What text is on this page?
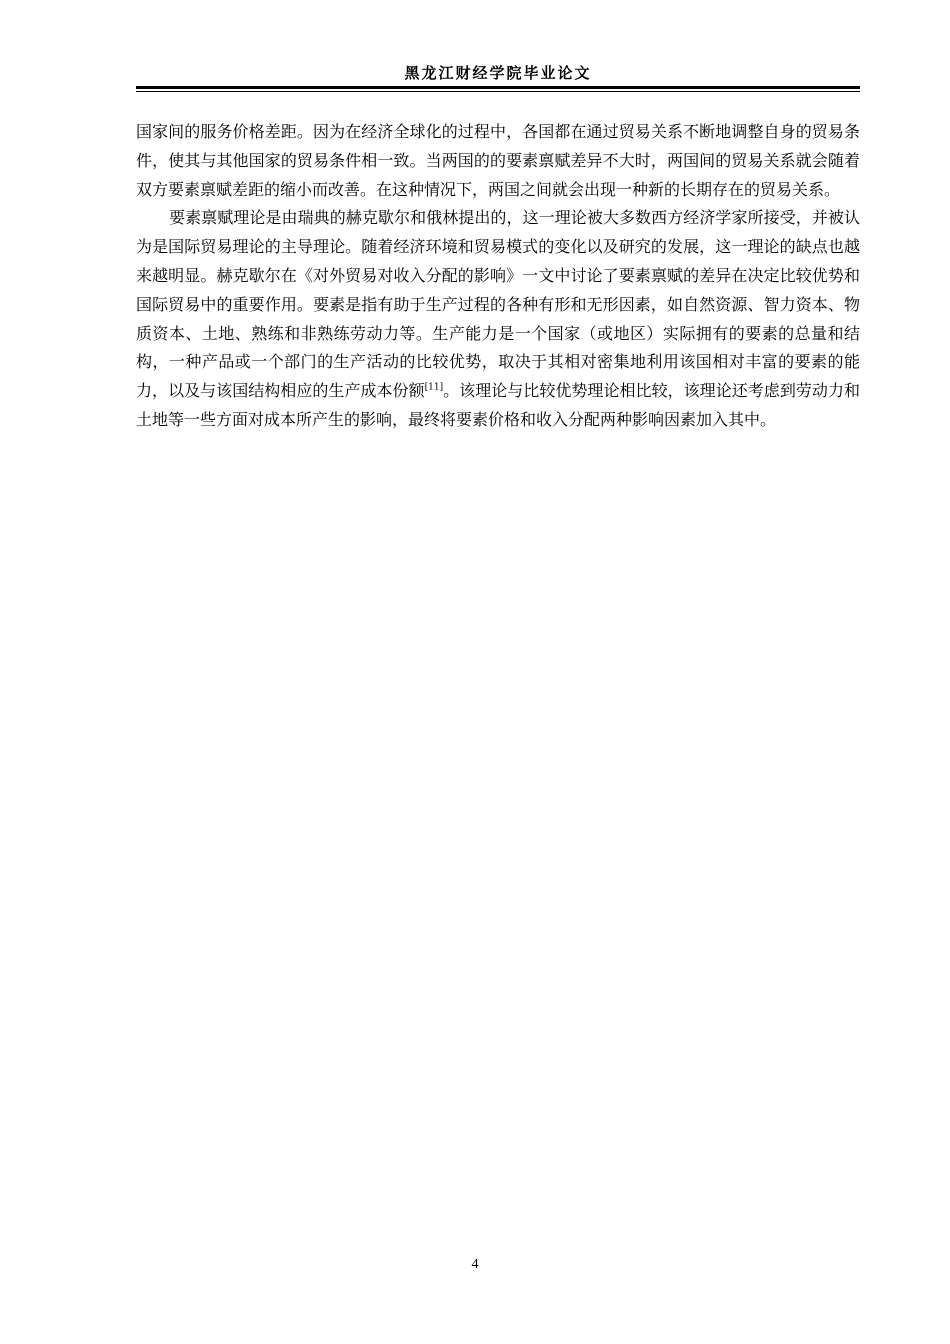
黑龙江财经学院毕业论文

国家间的服务价格差距。因为在经济全球化的过程中，各国都在通过贸易关系不断地调整自身的贸易条件，使其与其他国家的贸易条件相一致。当两国的的要素禀赋差异不大时，两国间的贸易关系就会随着双方要素禀赋差距的缩小而改善。在这种情况下，两国之间就会出现一种新的长期存在的贸易关系。

要素禀赋理论是由瑞典的赫克歇尔和俄林提出的，这一理论被大多数西方经济学家所接受，并被认为是国际贸易理论的主导理论。随着经济环境和贸易模式的变化以及研究的发展，这一理论的缺点也越来越明显。赫克歇尔在《对外贸易对收入分配的影响》一文中讨论了要素禀赋的差异在决定比较优势和国际贸易中的重要作用。要素是指有助于生产过程的各种有形和无形因素，如自然资源、智力资本、物质资本、土地、熟练和非熟练劳动力等。生产能力是一个国家（或地区）实际拥有的要素的总量和结构，一种产品或一个部门的生产活动的比较优势，取决于其相对密集地利用该国相对丰富的要素的能力，以及与该国结构相应的生产成本份额[11]。该理论与比较优势理论相比较，该理论还考虑到劳动力和土地等一些方面对成本所产生的影响，最终将要素价格和收入分配两种影响因素加入其中。

4
